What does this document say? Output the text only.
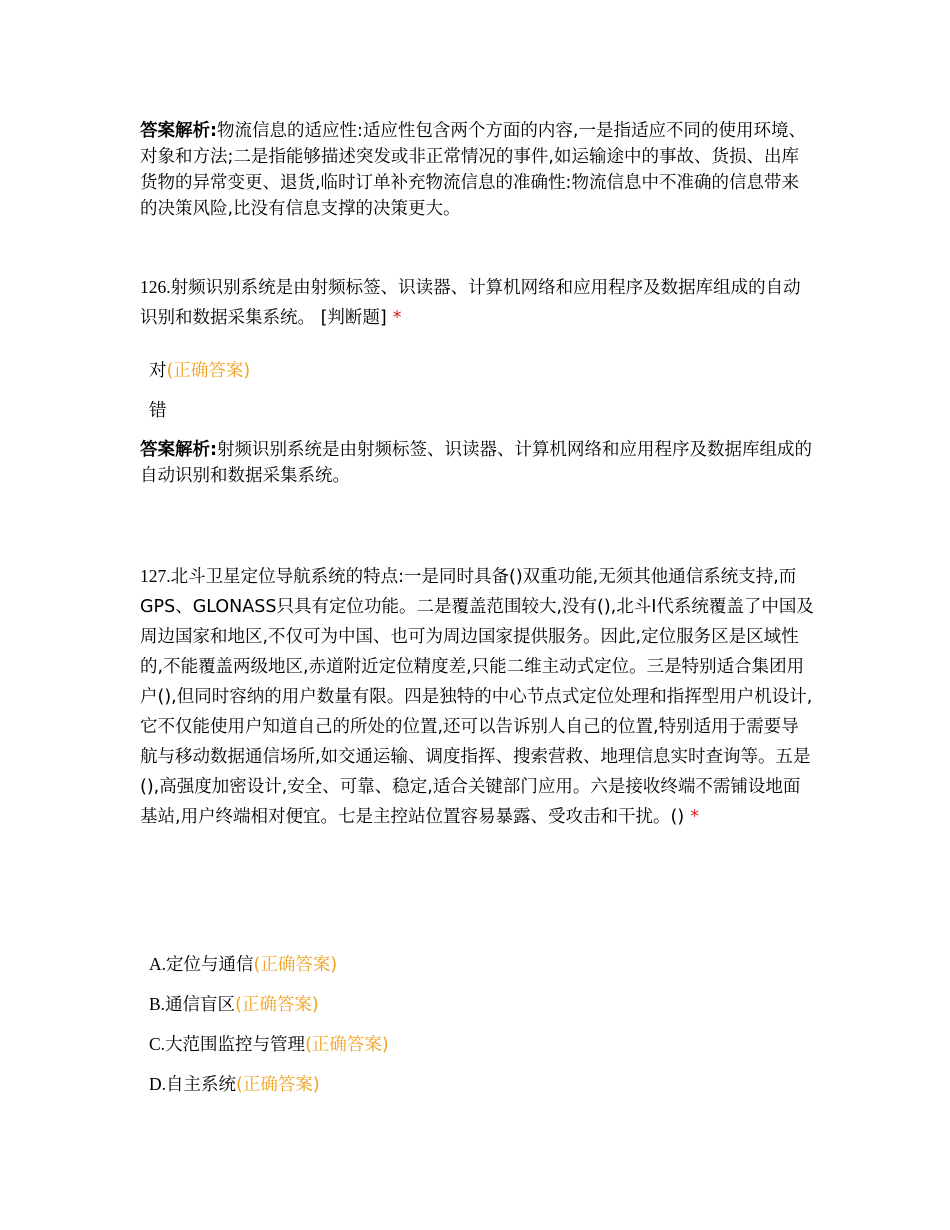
答案解析:物流信息的适应性:适应性包含两个方面的内容,一是指适应不同的使用环境、对象和方法;二是指能够描述突发或非正常情况的事件,如运输途中的事故、货损、出库货物的异常变更、退货,临时订单补充物流信息的准确性:物流信息中不准确的信息带来的决策风险,比没有信息支撑的决策更大。

126.射频识别系统是由射频标签、识读器、计算机网络和应用程序及数据库组成的自动识别和数据采集系统。 [判断题] *

对(正确答案)
错

答案解析:射频识别系统是由射频标签、识读器、计算机网络和应用程序及数据库组成的自动识别和数据采集系统。

127.北斗卫星定位导航系统的特点:一是同时具备()双重功能,无须其他通信系统支持,而GPS、GLONASS只具有定位功能。二是覆盖范围较大,没有(),北斗Ⅰ代系统覆盖了中国及周边国家和地区,不仅可为中国、也可为周边国家提供服务。因此,定位服务区是区域性的,不能覆盖两级地区,赤道附近定位精度差,只能二维主动式定位。三是特别适合集团用户(),但同时容纳的用户数量有限。四是独特的中心节点式定位处理和指挥型用户机设计,它不仅能使用户知道自己的所处的位置,还可以告诉别人自己的位置,特别适用于需要导航与移动数据通信场所,如交通运输、调度指挥、搜索营救、地理信息实时查询等。五是(),高强度加密设计,安全、可靠、稳定,适合关键部门应用。六是接收终端不需铺设地面基站,用户终端相对便宜。七是主控站位置容易暴露、受攻击和干扰。() *

A.定位与通信(正确答案)
B.通信盲区(正确答案)
C.大范围监控与管理(正确答案)
D.自主系统(正确答案)
